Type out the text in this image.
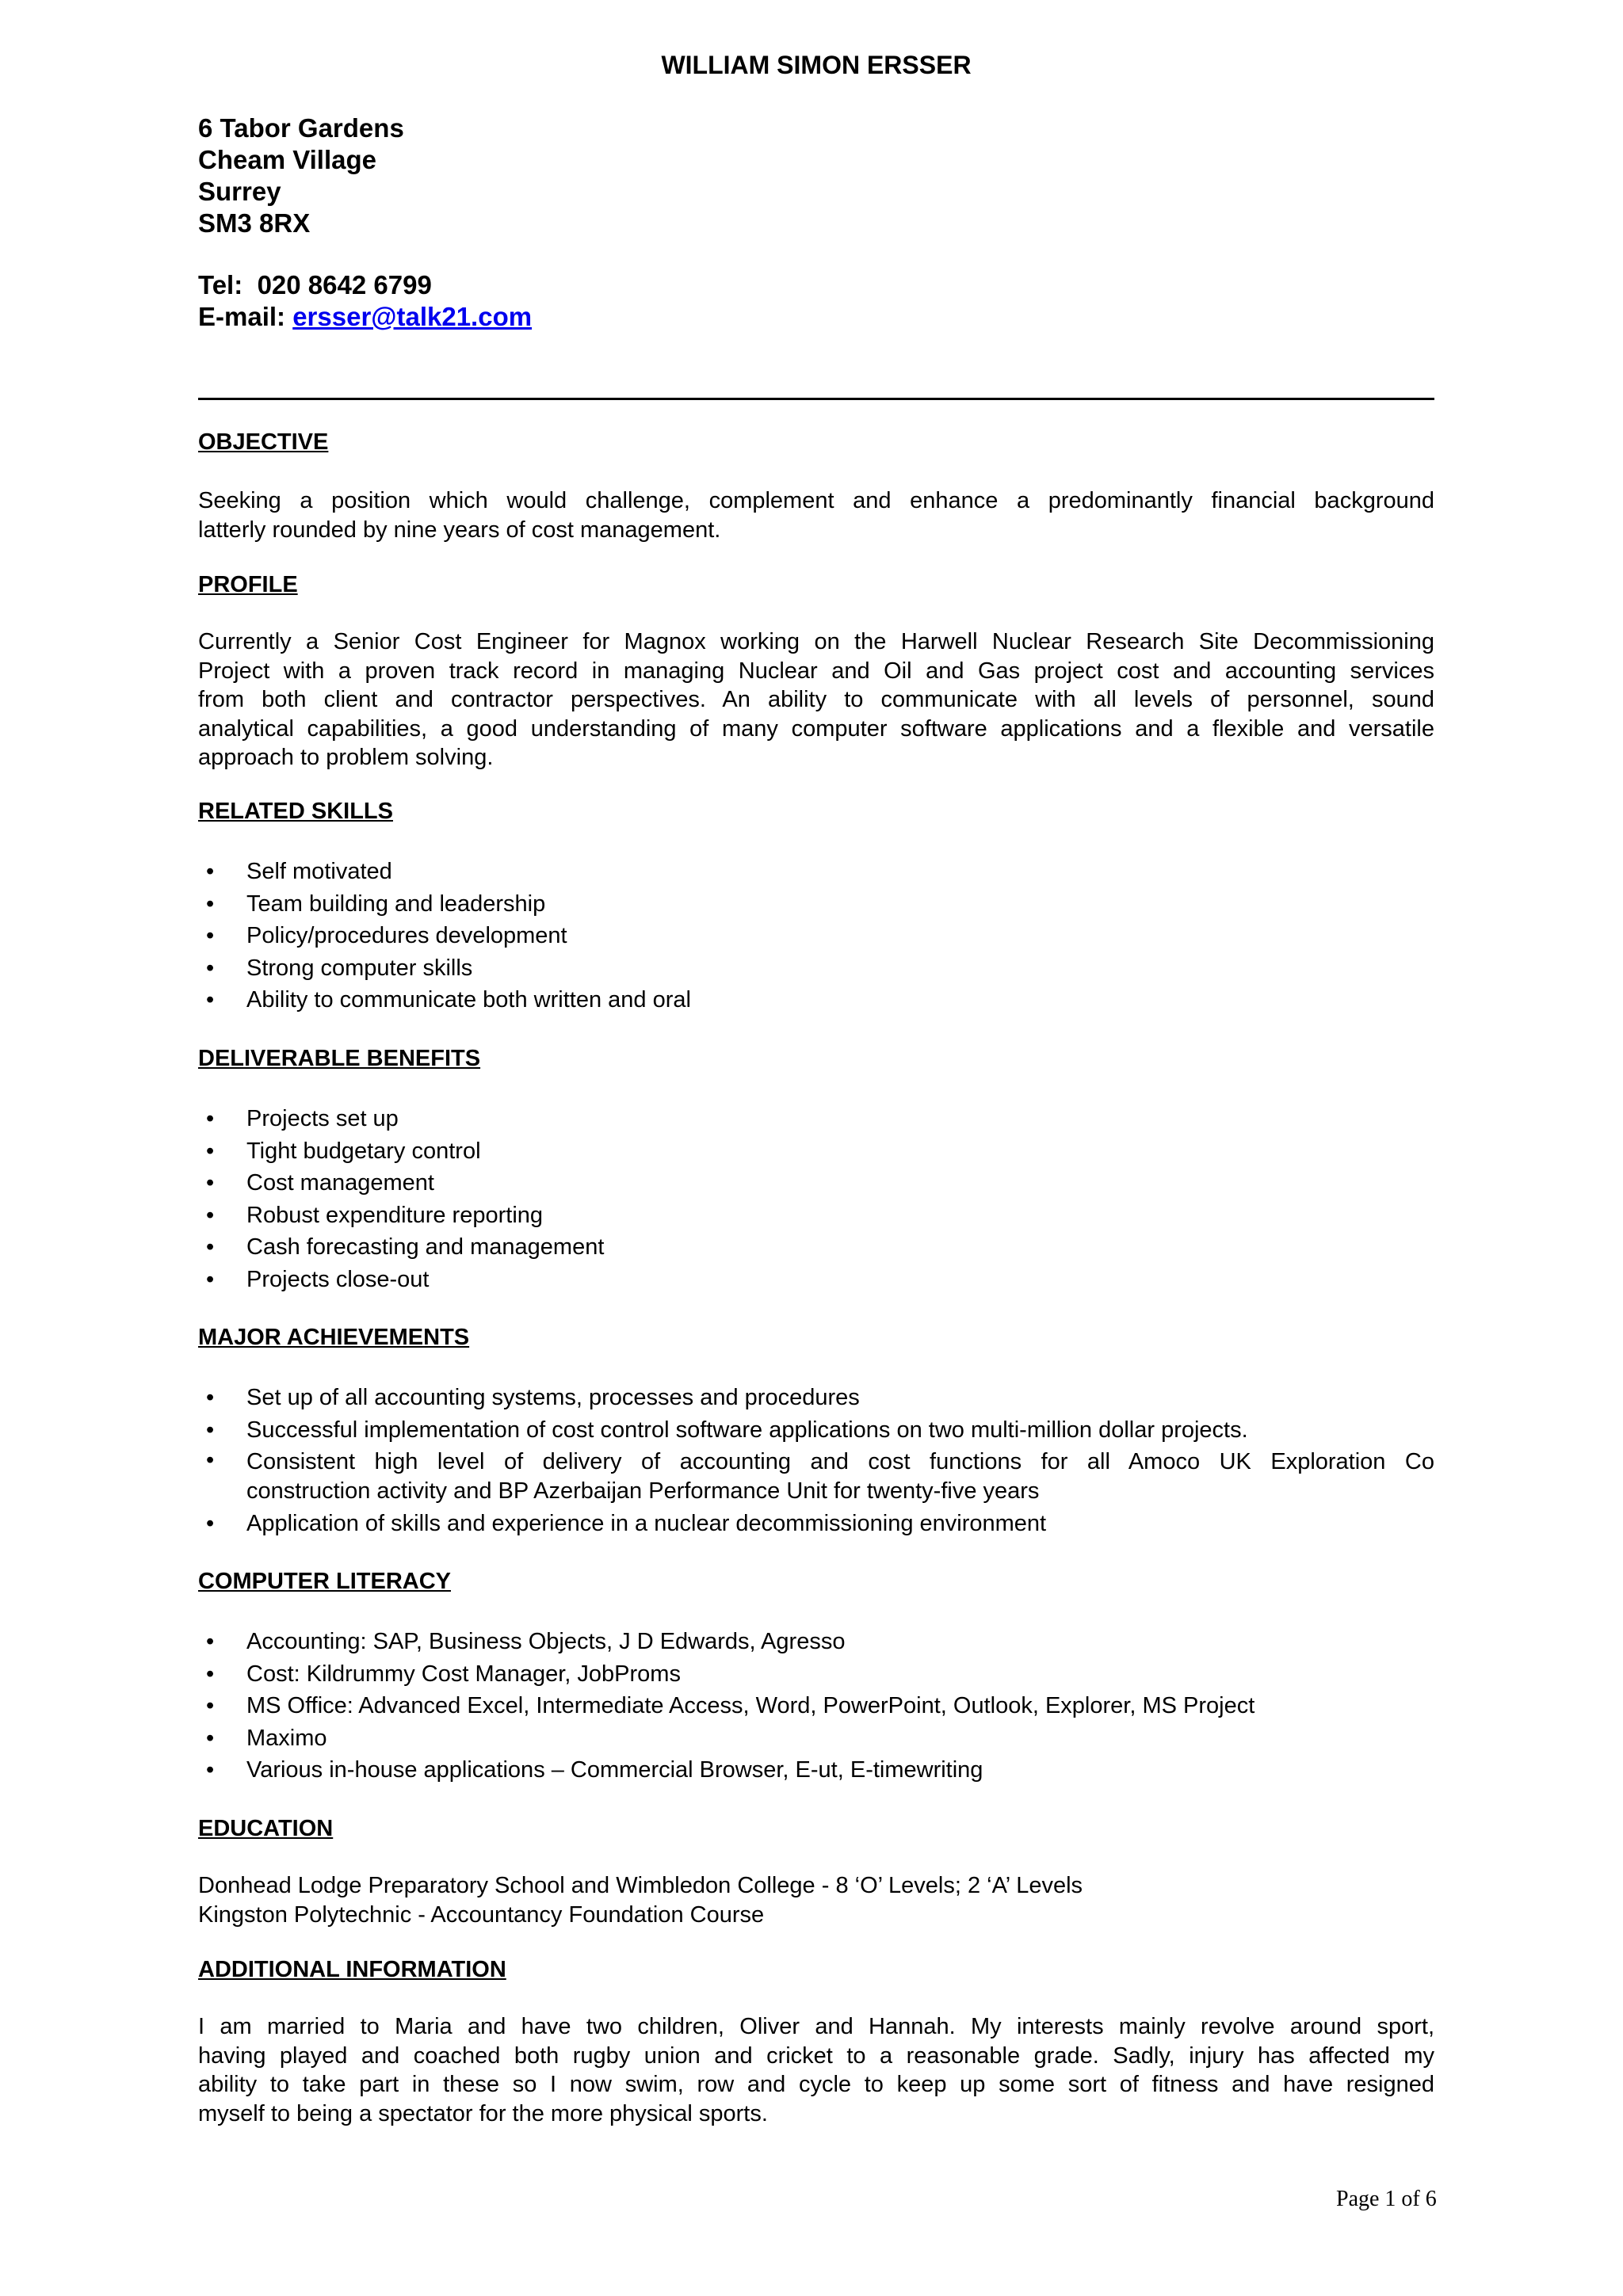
WILLIAM SIMON ERSSER
6 Tabor Gardens
Cheam Village
Surrey
SM3 8RX
Tel: 020 8642 6799
E-mail: ersser@talk21.com
OBJECTIVE
Seeking a position which would challenge, complement and enhance a predominantly financial background
latterly rounded by nine years of cost management.
PROFILE
Currently a Senior Cost Engineer for Magnox working on the Harwell Nuclear Research Site Decommissioning
Project with a proven track record in managing Nuclear and Oil and Gas project cost and accounting services
from both client and contractor perspectives. An ability to communicate with all levels of personnel, sound
analytical capabilities, a good understanding of many computer software applications and a flexible and versatile
approach to problem solving.
RELATED SKILLS
• Self motivated
• Team building and leadership
• Policy/procedures development
• Strong computer skills
• Ability to communicate both written and oral
DELIVERABLE BENEFITS
• Projects set up
• Tight budgetary control
• Cost management
• Robust expenditure reporting
• Cash forecasting and management
• Projects close-out
MAJOR ACHIEVEMENTS
• Set up of all accounting systems, processes and procedures
• Successful implementation of cost control software applications on two multi-million dollar projects.
• Consistent high level of delivery of accounting and cost functions for all Amoco UK Exploration Co
construction activity and BP Azerbaijan Performance Unit for twenty-five years
• Application of skills and experience in a nuclear decommissioning environment
COMPUTER LITERACY
• Accounting: SAP, Business Objects, J D Edwards, Agresso
• Cost: Kildrummy Cost Manager, JobProms
• MS Office: Advanced Excel, Intermediate Access, Word, PowerPoint, Outlook, Explorer, MS Project
• Maximo
• Various in-house applications – Commercial Browser, E-ut, E-timewriting
EDUCATION
Donhead Lodge Preparatory School and Wimbledon College - 8 ‘O’ Levels; 2 ‘A’ Levels
Kingston Polytechnic - Accountancy Foundation Course
ADDITIONAL INFORMATION
I am married to Maria and have two children, Oliver and Hannah. My interests mainly revolve around sport,
having played and coached both rugby union and cricket to a reasonable grade. Sadly, injury has affected my
ability to take part in these so I now swim, row and cycle to keep up some sort of fitness and have resigned
myself to being a spectator for the more physical sports.
Page 1 of 6
